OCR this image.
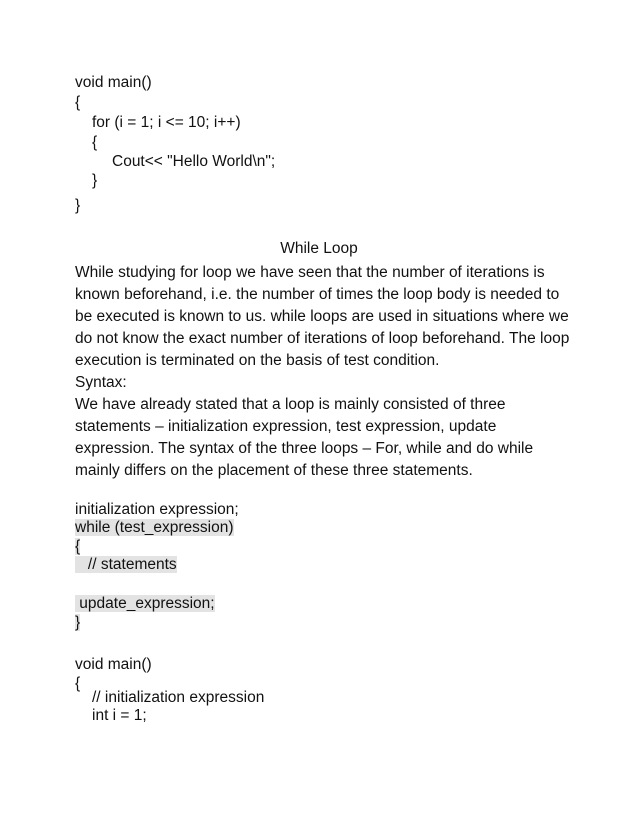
void main()
{
for (i = 1; i <= 10; i++)
{
Cout<< "Hello World\n";
}
}
While Loop

While studying for loop we have seen that the number of iterations is known beforehand, i.e. the number of times the loop body is needed to be executed is known to us. while loops are used in situations where we do not know the exact number of iterations of loop beforehand. The loop execution is terminated on the basis of test condition.

Syntax:

We have already stated that a loop is mainly consisted of three statements – initialization expression, test expression, update expression. The syntax of the three loops – For, while and do while mainly differs on the placement of these three statements.

initialization expression;
while (test_expression)
{
// statements
update_expression;
}
void main()
{
// initialization expression
int i = 1;
